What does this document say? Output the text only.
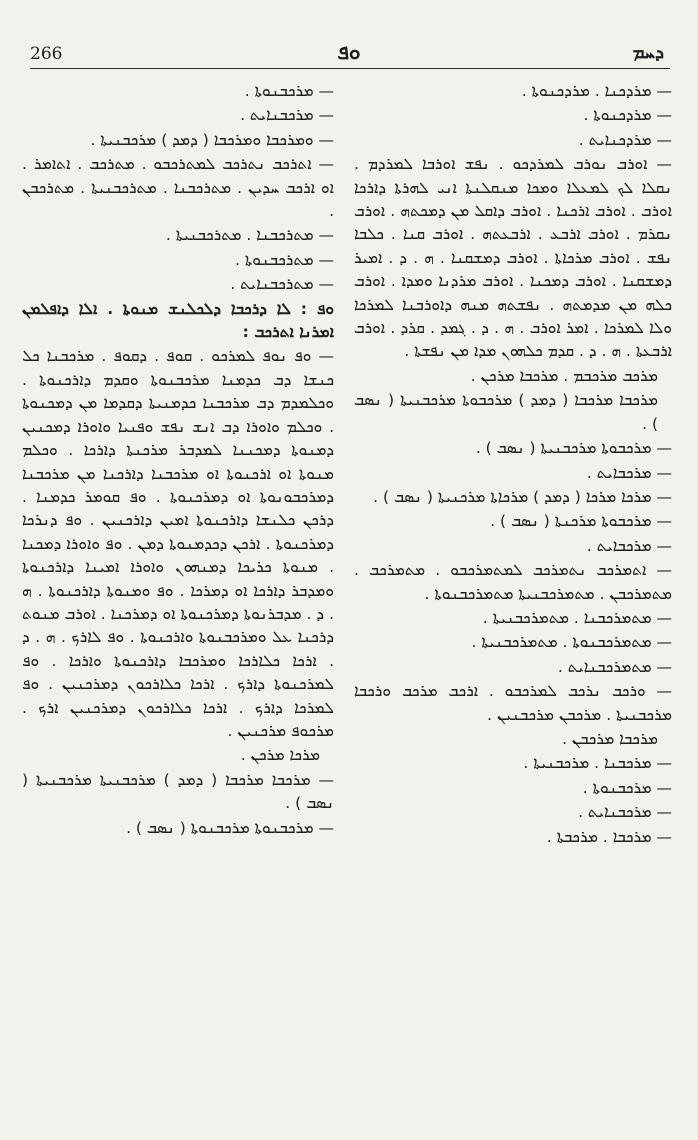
266	ܘܦ	ܕܚܡ

— ܡܪܕܟܢܐ . ܡܪܕܟܢܘܬܐ .

— ܡܪܕܟܢܘܬܐ .

— ܡܪܕܟܢܐܝܬ .

— ܐܘܪܒ ܢܘܪܒ ܠܡܪܕܟܘ . ܢܦܫ ܐܘܪܒܐ ܠܡܪܕܡ . ܢܩܠܐ ܠܟ ܠܡܥܠܐ ܘܡܟܐ ܡܢܩܠܢܬܐ ܐܢܝ ܠܗܪܬܐ ܕܐܪܟܐ ܐܘܪܒ . ܐܘܪܒ ܐܪܟܢܐ . ܐܘܪܒ ܕܐܩܠ ܡܢ ܕܡܟܬܗ . ܐܘܪܒ ܢܩܪܡ . ܐܘܪܒ ܐܪܒܥ . ܐܪܒܥܬܗ . ܐܘܪܒ ܩܢܐ . ܟܠܒܐ ܢܦܫ . ܐܘܪܒ ܡܪܟܐܬܐ . ܐܘܪܒ ܕܡܫܩܢܐ . ܗ . ܕ . ܐܡܝܪ ܕܡܫܩܢܐ . ܐܘܪܒ ܕܡܟܢܐ . ܐܘܪܒ ܡܪܕܢܐ ܘܡܕܐ . ܐܘܪܒ ܟܠܗ ܡܢ ܡܕܡܬܗ . ܢܦܫܬܗ ܡܢܗ ܕܐܘܪܒܢܐ ܠܡܪܟܐ ܘܠܐ ܠܡܪܟܐ . ܐܡܪ ܐܘܪܒ . ܗ . ܕ . ܓܡܕ . ܩܪܕ . ܐܘܪܒ ܐܪܒܥܬܐ . ܗ . ܕ . ܩܕܡ ܟܠܗܘܢ ܡܕܐ ܡܢ ܢܦܫܬܐ .

ܡܪܟܒ ܡܪܟܒܡ . ܡܪܟܒܐ ܡܪܟܢ .

ܡܪܟܒܐ ܡܪܟܒܐ ( ܕܡܕ ) ܡܪܟܒܘܬܐ ܡܪܟܒܢܝܬܐ ( ܢܣܒ ) .

— ܡܪܟܒܘܬܐ ܡܪܟܒܢܝܬܐ ( ܢܣܒ ) .

— ܡܪܟܒܐܝܬ .

— ܡܪܟܐ ܡܪܟܐ ( ܕܡܕ ) ܡܪܟܐܬܐ ܡܪܟܢܝܬܐ ( ܢܣܒ ) .

— ܡܪܟܒܘܬܐ ܡܪܟܢܬܐ ( ܢܣܒ ) .

— ܡܪܟܒܐܝܬ .

— ܐܬܡܪܟܒ ܢܬܡܪܟܒ ܠܡܬܡܪܟܒܘ . ܡܬܡܪܟܒ . ܡܬܡܪܟܒܢ . ܡܬܡܪܟܒܢܝܬܐ ܡܬܡܪܟܒܢܘܬܐ .

— ܡܬܡܪܟܒܢܐ . ܡܬܡܪܟܒܢܝܬܐ .

— ܡܬܡܪܟܒܢܘܬܐ . ܡܬܡܪܟܒܢܝܬܐ .

— ܡܬܡܪܟܒܢܐܝܬ .

— ܘܪܟܒ ܢܪܟܒ ܠܡܪܟܒܘ . ܐܪܟܒ ܡܪܟܒ ܘܪܟܒܐ ܡܪܟܒܢܝܬܐ . ܡܪܟܒܢ ܡܪܟܒܢܝܢ .

ܡܪܟܒܐ ܡܪܟܒܢ .

— ܡܪܟܒܢܐ . ܡܪܟܒܢܝܬܐ .

— ܡܪܟܒܢܘܬܐ .

— ܡܪܟܒܢܐܝܬ .

— ܡܪܟܒܐ . ܡܪܟܒܬܐ .

— ܡܪܟܒܢܘܬܐ .

— ܡܪܟܒܢܐܝܬ .

— ܘܡܪܟܒܐ ܘܡܪܟܒܐ ( ܕܡܕ ) ܡܪܟܒܢܝܬܐ .

— ܐܬܪܟܒ ܢܬܪܟܒ ܠܡܬܪܟܒܘ . ܡܬܪܟܒ . ܐܬܐܡܪ . ܐܘ ܐܪܟܒ ܚܕܝܢ . ܡܬܪܟܒܢܐ . ܡܬܪܟܒܢܝܬܐ . ܡܬܪܟܒܢ .

— ܡܬܪܟܒܢܐ . ܡܬܪܟܒܢܝܬܐ .

— ܡܬܪܟܒܢܘܬܐ .

— ܡܬܪܟܒܢܐܝܬ .

ܘܦ : ܠܐ ܕܪܟܒܐ ܕܠܟܠܢܫ ܡܢܘܬܐ . ܐܠܐ ܕܐܦܠܡܢ ܐܡܪܢܐ ܐܬܪܟܒ :

— ܘܦ ܢܘܦ ܠܡܪܟܘ . ܩܘܦ . ܕܩܘܦ . ܡܪܟܒܢܐ ܟܠ ܟܢܫܐ ܕܒ ܟܕܡܢܐ ܡܪܟܒܢܘܬܐ ܘܩܕܡ ܕܐܪܟܢܘܬܐ . ܘܟܠܡܕܡ ܕܒ ܡܪܟܒܢܐ ܟܕܡܢܝܬܐ ܕܩܕܡܐ ܡܢ ܕܡܟܢܘܬܐ . ܘܟܠܡ ܘܐܘܪܐ ܕܒ ܐܢܫ ܢܦܫ ܘܦܢܝܐ ܘܐܘܪܐ ܕܡܟܢܝܢ ܕܡܢܘܬܐ ܕܡܟܢܢܐ ܠܡܕܒܪ ܡܪܟܢܬܐ ܕܐܪܟܐ . ܘܟܠܡ ܡܢܘܬܐ ܐܘ ܐܪܟܢܘܬܐ ܐܘ ܡܪܟܒܢܐ ܕܐܪܟܢܐ ܡܢ ܡܪܟܒܢܐ ܕܡܪܟܒܘܢܘܬܐ ܐܘ ܕܡܪܟܢܘܬܐ . ܘܦ ܩܘܡܪ ܟܕܡܢܐ . ܕܪܟܢ ܟܠܢܫܐ ܕܐܪܟܢܘܬܐ ܐܡܝܢ ܕܐܪܟܢܝܢ . ܘܦ ܕܢܪܟܐ ܕܡܪܟܢܘܬܐ . ܐܪܟܢ ܕܟܕܡܢܘܬܐ ܕܡܢ . ܘܦ ܘܐܘܪܐ ܕܡܟܢܐ . ܡܢܘܬܐ ܟܪܝܟܐ ܕܡܢܗܘܢ ܘܐܘܪܐ ܐܡܝܢܐ ܕܐܪܟܢܘܬܐ ܘܡܕܒܪ ܕܐܪܟܐ ܐܘ ܕܡܪܟܐ . ܘܦ ܘܡܢܘܬܐ ܕܐܪܟܢܘܬܐ . ܗ . ܕ . ܡܕܒܪܢܘܬܐ ܕܡܪܟܢܘܬܐ ܐܘ ܕܡܪܟܢܐ . ܐܘܪܒ ܡܢܘܬ ܕܪܟܢܐ ܥܠ ܘܡܪܟܒܢܘܬܐ ܘܐܪܟܢܘܬܐ . ܘܦ ܠܐܪܟ . ܗ . ܕ . ܐܪܟܐ ܟܠܐܪܟܐ ܘܡܪܟܒܐ ܕܐܪܟܢܘܬܐ ܘܐܪܟܐ . ܘܦ ܠܡܪܟܢܘܬܐ ܕܐܪܟ . ܐܪܟܐ ܟܠܐܪܟܘܢ ܕܡܪܟܢܝܢ . ܘܦ ܠܡܪܟܐ ܕܐܪܟ . ܐܪܟܐ ܟܠܐܪܟܘܢ ܕܡܪܟܢܝܢ ܐܪܟ . ܡܪܟܘܦ ܡܪܟܢܝܢ .

ܡܪܟܐ ܡܪܟܢ .

— ܡܪܟܒܐ ܡܪܟܒܐ ( ܕܡܕ ) ܡܪܟܒܢܝܬܐ ܡܪܟܒܢܝܬܐ ( ܢܣܒ ) .

— ܡܪܟܒܢܘܬܐ ܡܪܟܒܢܘܬܐ ( ܢܣܒ ) .
